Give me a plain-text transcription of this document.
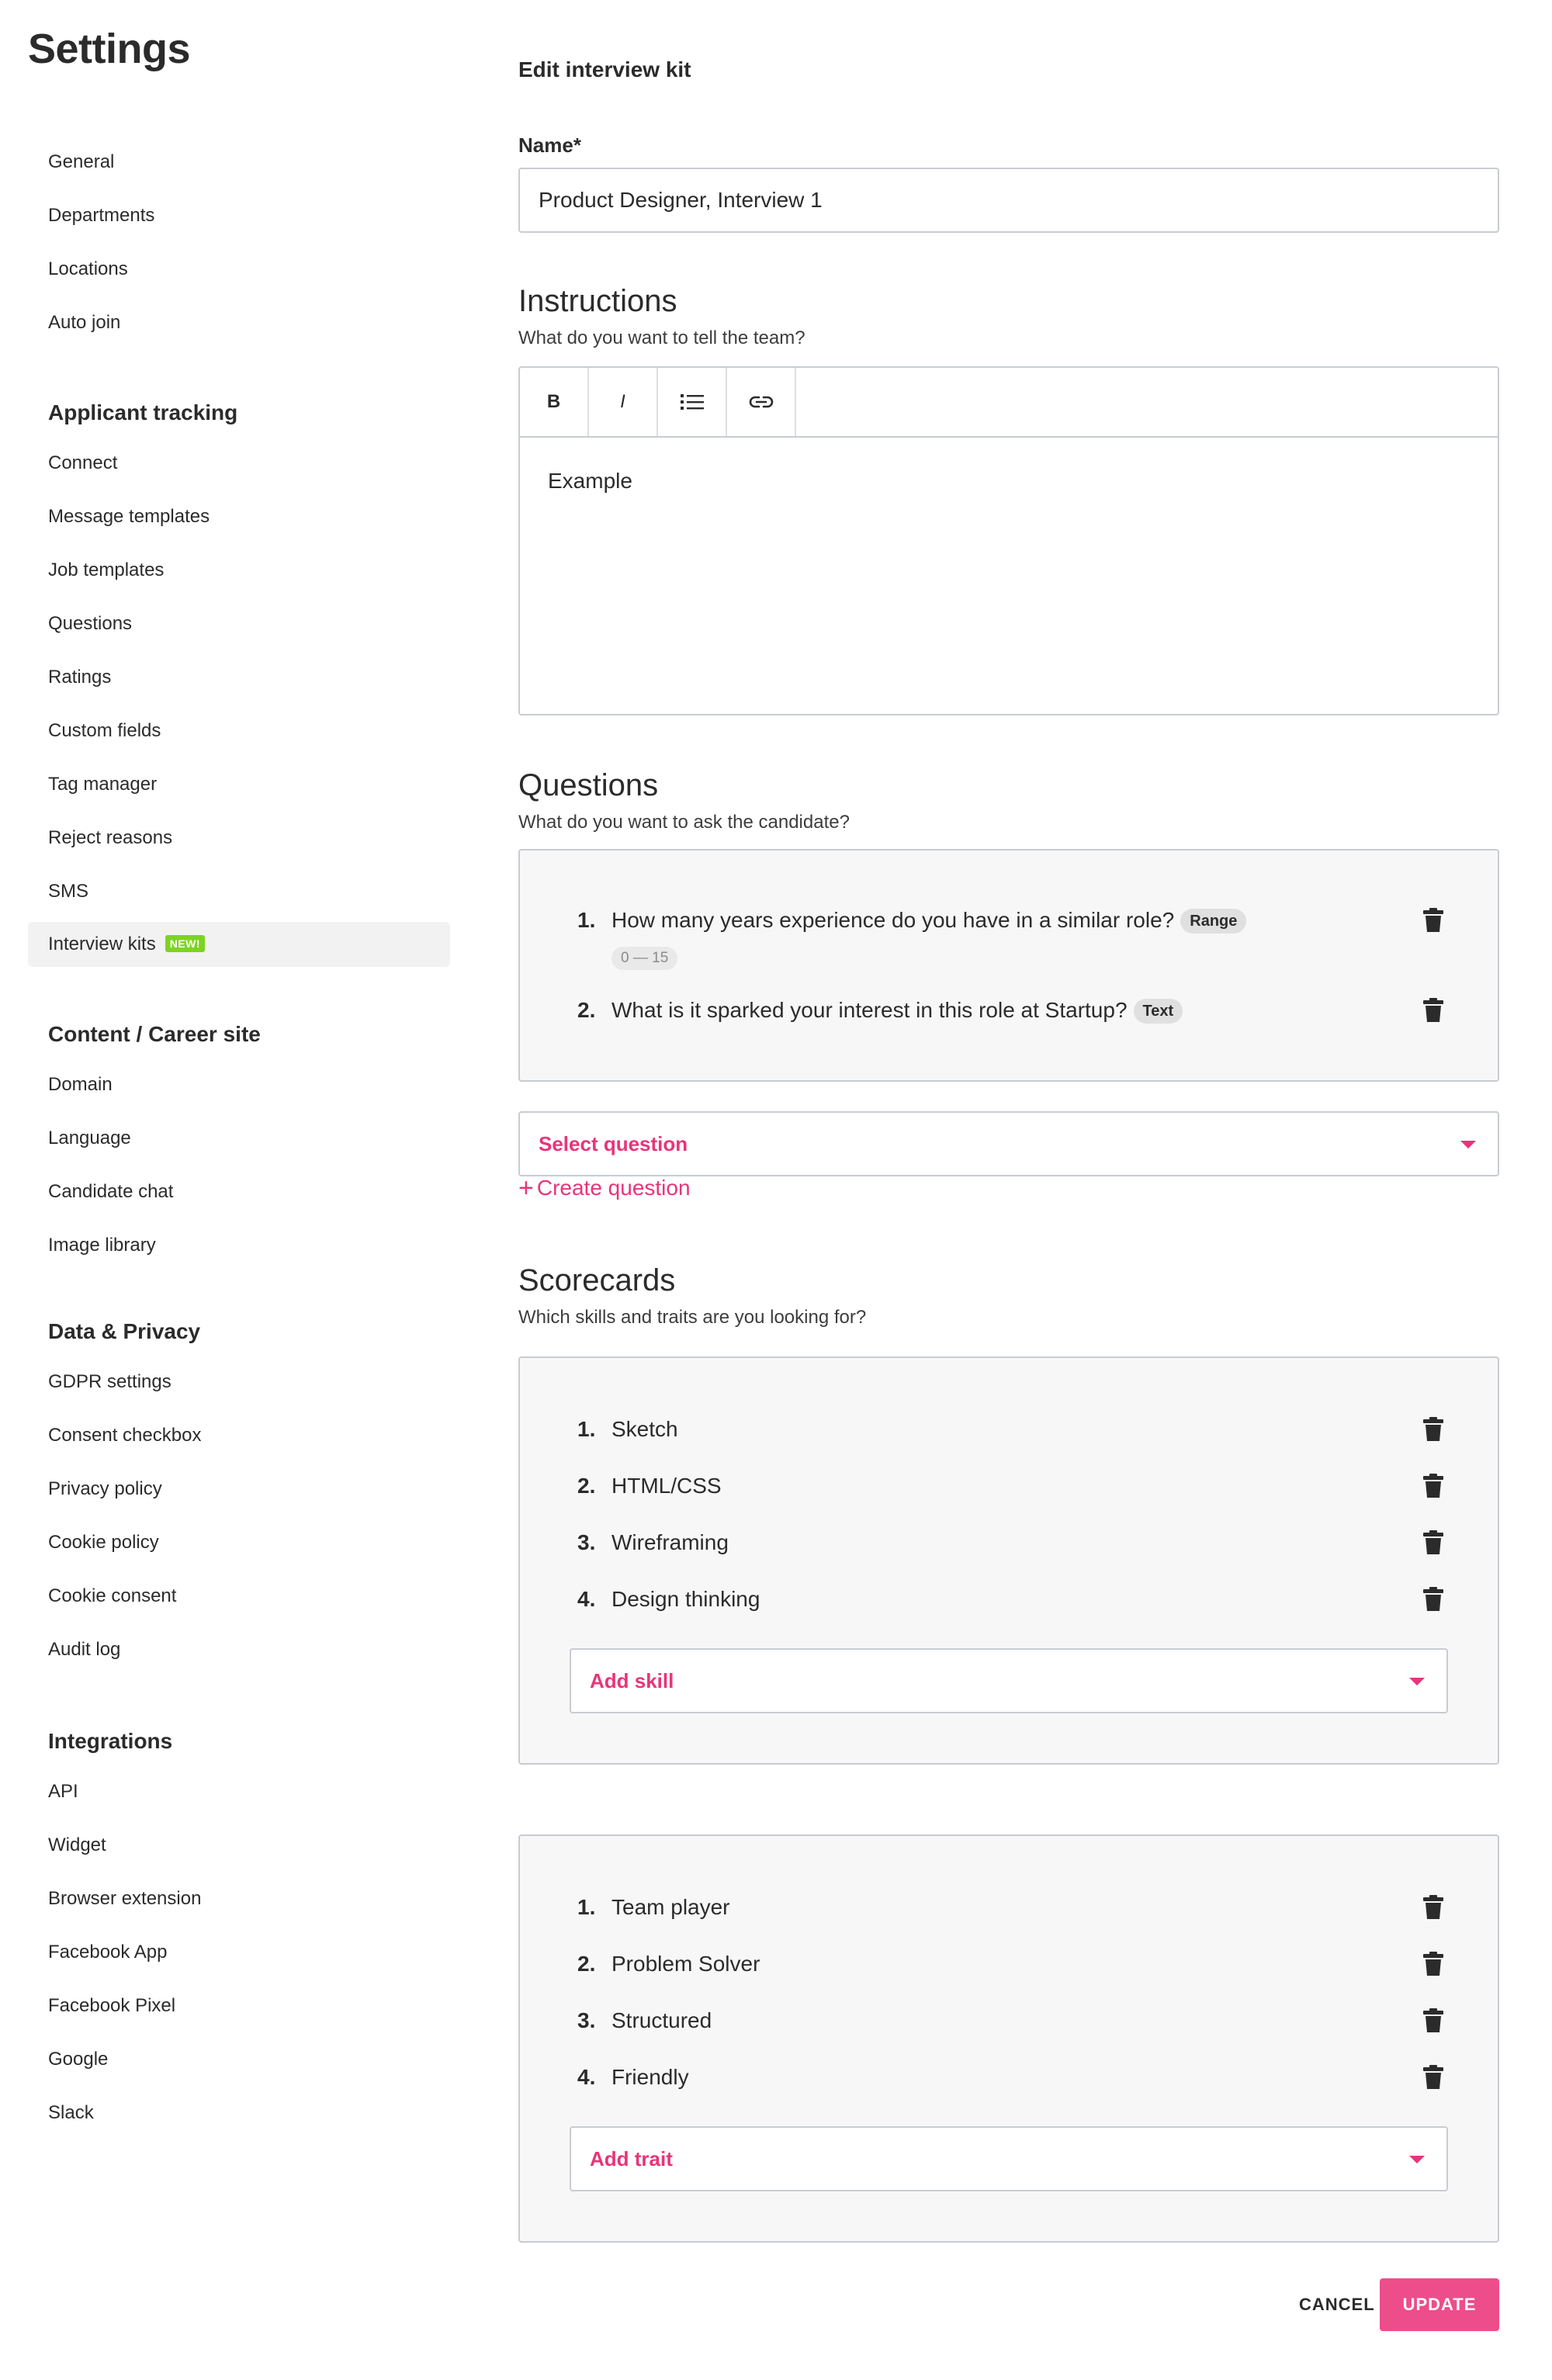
Settings
General
Departments
Locations
Auto join
Applicant tracking
Connect
Message templates
Job templates
Questions
Ratings
Custom fields
Tag manager
Reject reasons
SMS
Interview kits NEW!
Content / Career site
Domain
Language
Candidate chat
Image library
Data & Privacy
GDPR settings
Consent checkbox
Privacy policy
Cookie policy
Cookie consent
Audit log
Integrations
API
Widget
Browser extension
Facebook App
Facebook Pixel
Google
Slack
Edit interview kit
Name*
Product Designer, Interview 1
Instructions
What do you want to tell the team?
B	I
Example
Questions
What do you want to ask the candidate?
1. How many years experience do you have in a similar role? Range
0 — 15
2. What is it sparked your interest in this role at Startup? Text
Select question
+ Create question
Scorecards
Which skills and traits are you looking for?
1. Sketch
2. HTML/CSS
3. Wireframing
4. Design thinking
Add skill
1. Team player
2. Problem Solver
3. Structured
4. Friendly
Add trait
CANCEL	UPDATE
